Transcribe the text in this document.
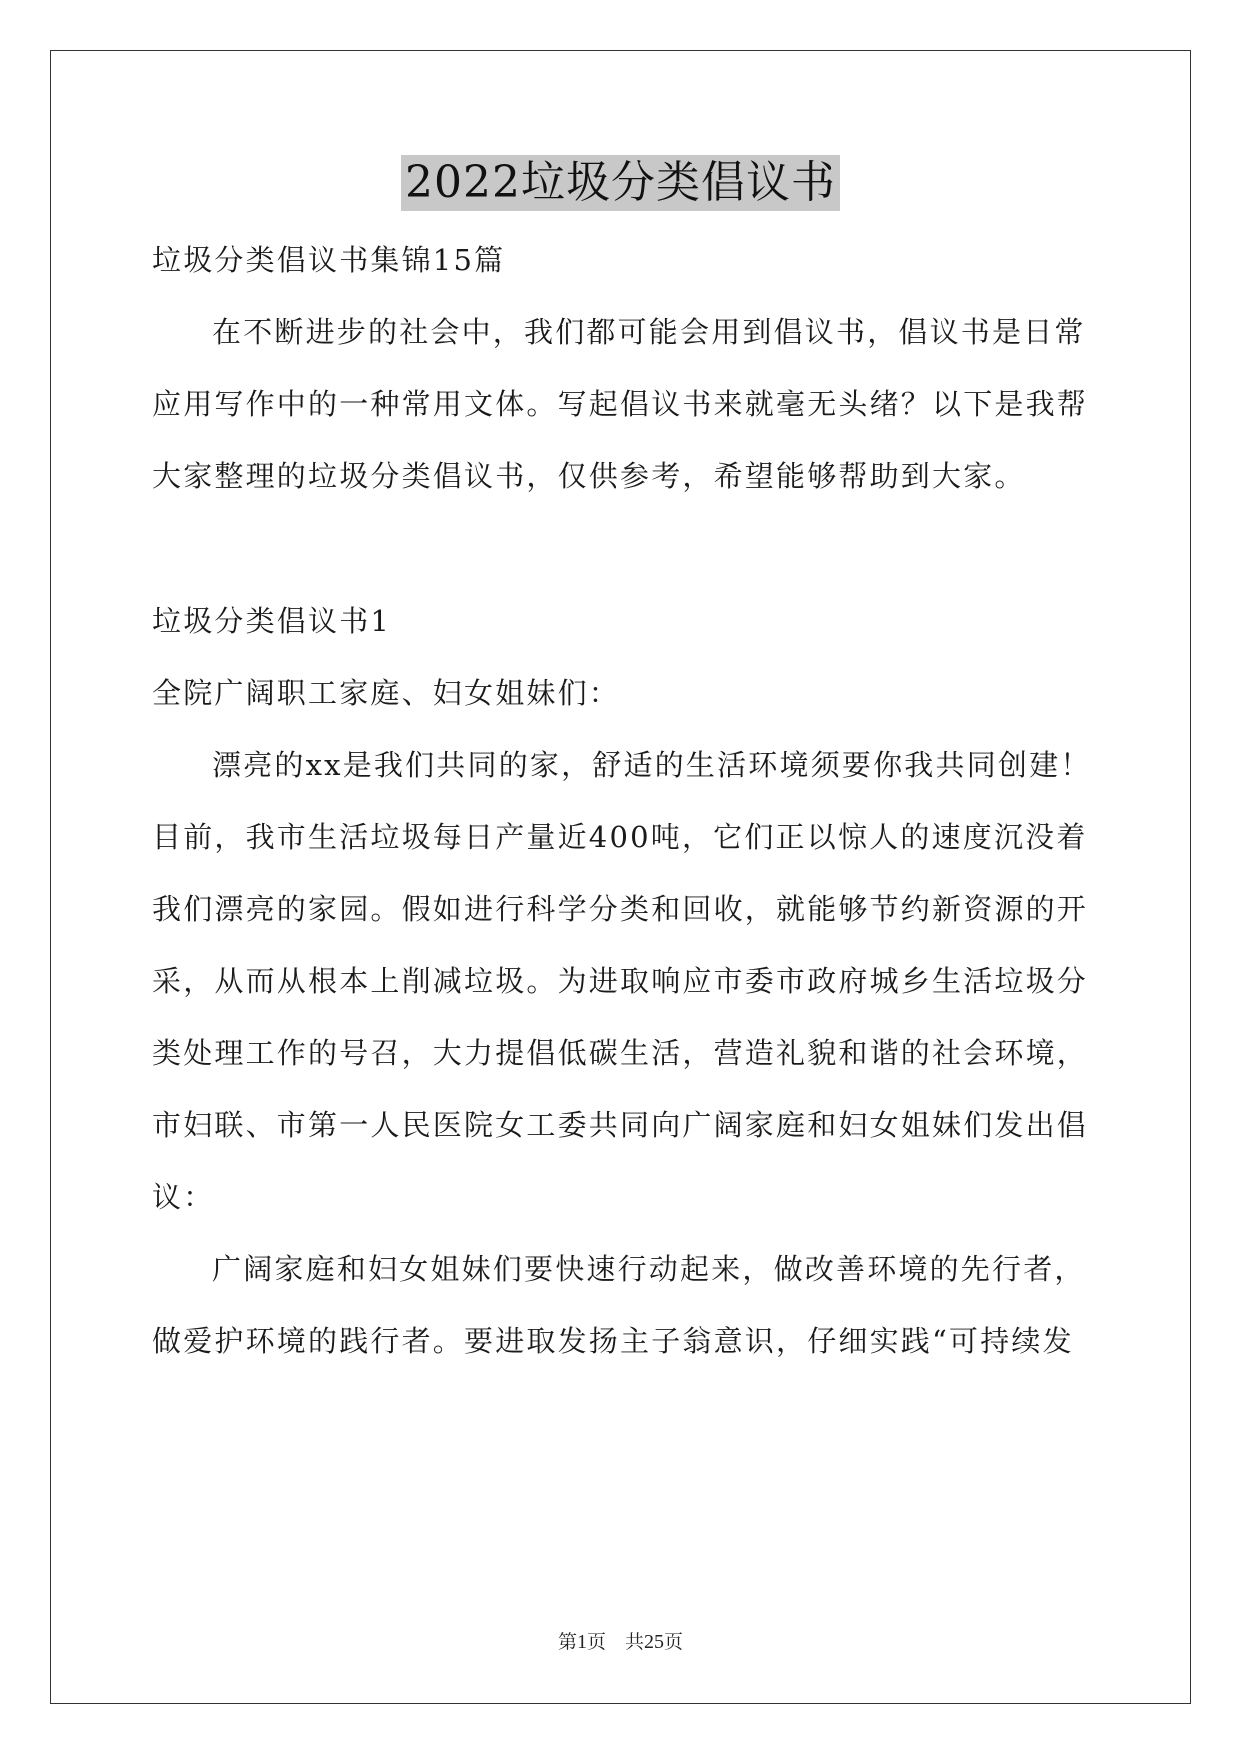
2022垃圾分类倡议书
垃圾分类倡议书集锦15篇
在不断进步的社会中，我们都可能会用到倡议书，倡议书是日常
应用写作中的一种常用文体。写起倡议书来就毫无头绪？以下是我帮
大家整理的垃圾分类倡议书，仅供参考，希望能够帮助到大家。
垃圾分类倡议书1
全院广阔职工家庭、妇女姐妹们：
漂亮的xx是我们共同的家，舒适的生活环境须要你我共同创建！
目前，我市生活垃圾每日产量近400吨，它们正以惊人的速度沉没着
我们漂亮的家园。假如进行科学分类和回收，就能够节约新资源的开
采，从而从根本上削减垃圾。为进取响应市委市政府城乡生活垃圾分
类处理工作的号召，大力提倡低碳生活，营造礼貌和谐的社会环境，
市妇联、市第一人民医院女工委共同向广阔家庭和妇女姐妹们发出倡
议：
广阔家庭和妇女姐妹们要快速行动起来，做改善环境的先行者，
做爱护环境的践行者。要进取发扬主子翁意识，仔细实践“可持续发
第1页　共25页
